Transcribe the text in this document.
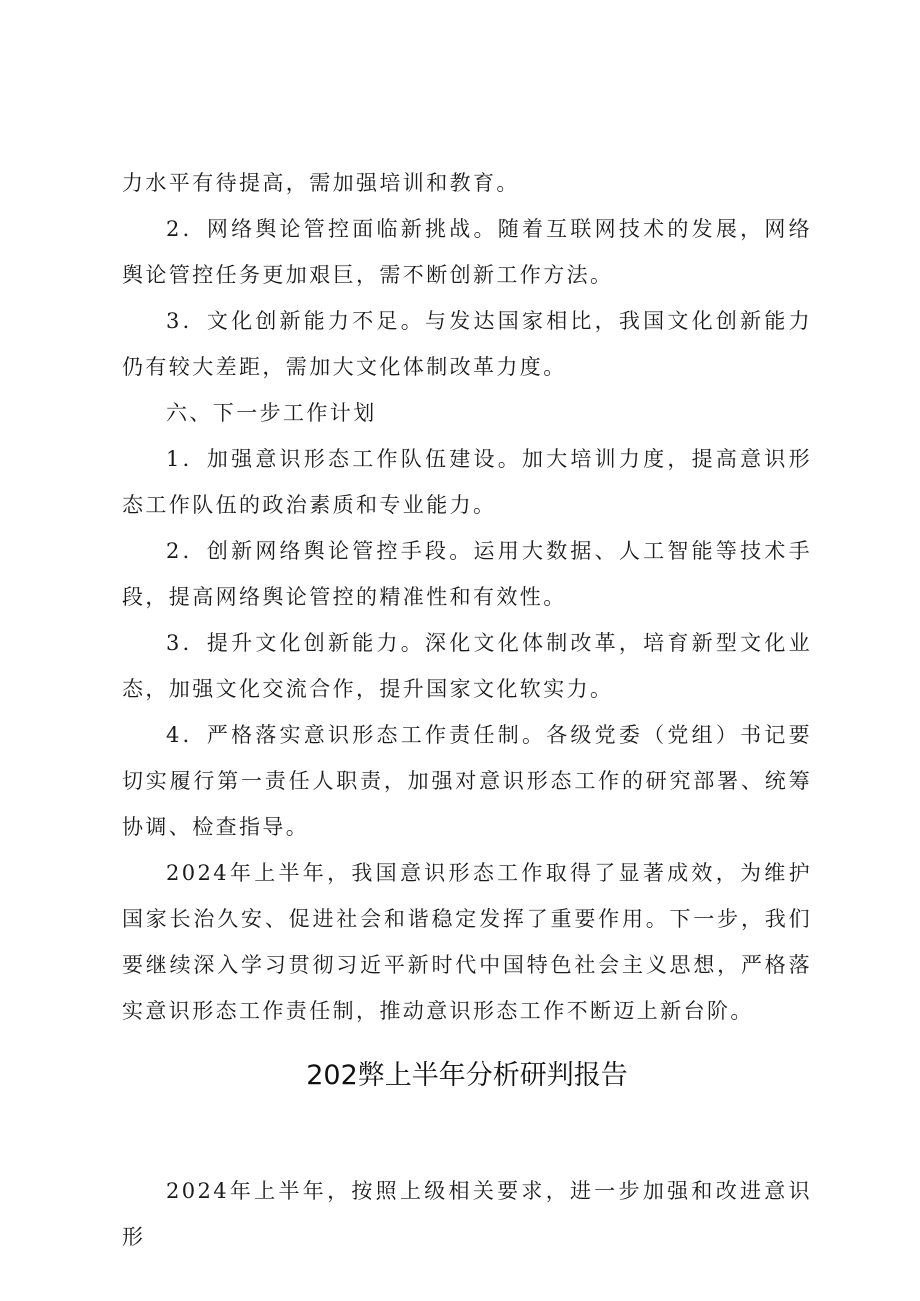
力水平有待提高，需加强培训和教育。

2．网络舆论管控面临新挑战。随着互联网技术的发展，网络舆论管控任务更加艰巨，需不断创新工作方法。

3．文化创新能力不足。与发达国家相比，我国文化创新能力仍有较大差距，需加大文化体制改革力度。

六、下一步工作计划

1．加强意识形态工作队伍建设。加大培训力度，提高意识形态工作队伍的政治素质和专业能力。

2．创新网络舆论管控手段。运用大数据、人工智能等技术手段，提高网络舆论管控的精准性和有效性。

3．提升文化创新能力。深化文化体制改革，培育新型文化业态，加强文化交流合作，提升国家文化软实力。

4．严格落实意识形态工作责任制。各级党委（党组）书记要切实履行第一责任人职责，加强对意识形态工作的研究部署、统筹协调、检查指导。

2024年上半年，我国意识形态工作取得了显著成效，为维护国家长治久安、促进社会和谐稳定发挥了重要作用。下一步，我们要继续深入学习贯彻习近平新时代中国特色社会主义思想，严格落实意识形态工作责任制，推动意识形态工作不断迈上新台阶。

202弊上半年分析研判报告

2024年上半年，按照上级相关要求，进一步加强和改进意识形
